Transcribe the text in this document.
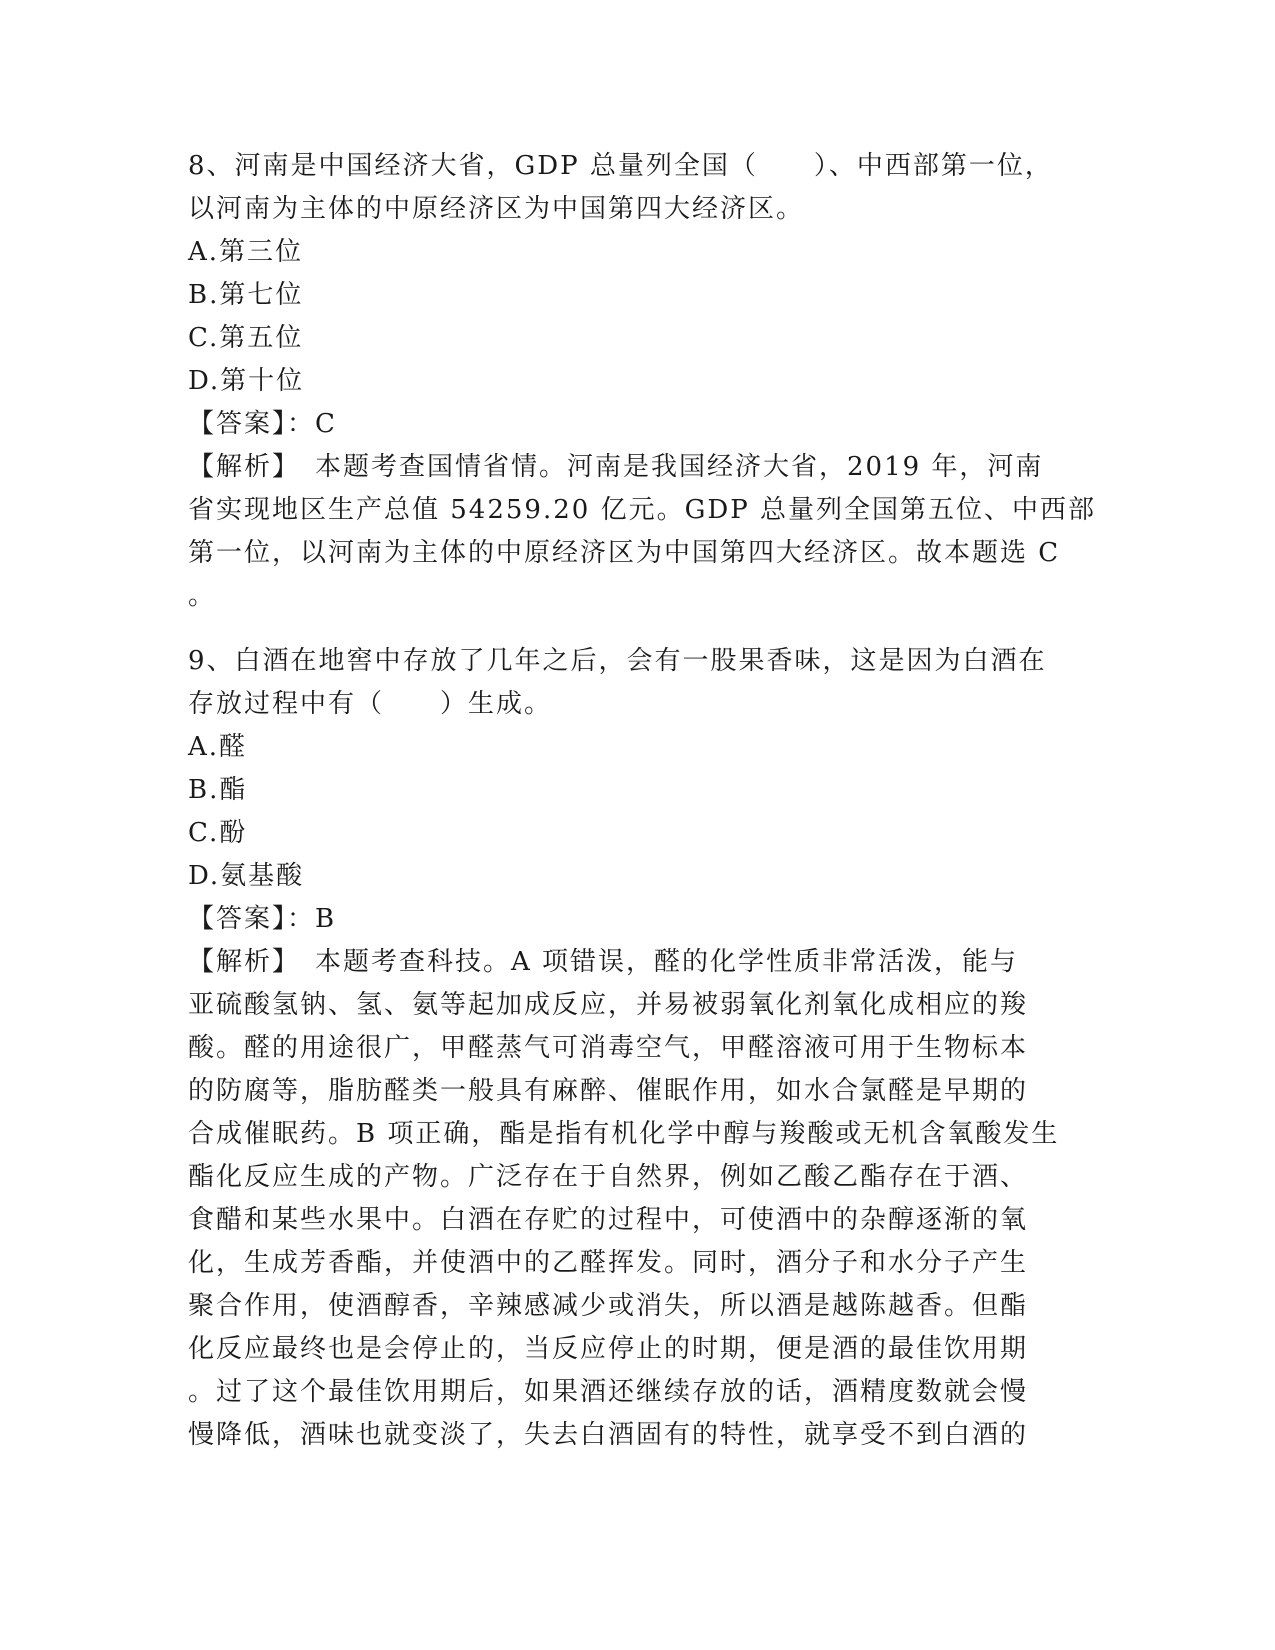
8、河南是中国经济大省，GDP 总量列全国（　　）、中西部第一位，
以河南为主体的中原经济区为中国第四大经济区。
A.第三位
B.第七位
C.第五位
D.第十位
【答案】：C
【解析】　本题考查国情省情。河南是我国经济大省，2019 年，河南
省实现地区生产总值 54259.20 亿元。GDP 总量列全国第五位、中西部
第一位，以河南为主体的中原经济区为中国第四大经济区。故本题选 C
。
9、白酒在地窖中存放了几年之后，会有一股果香味，这是因为白酒在
存放过程中有（　　）生成。
A.醛
B.酯
C.酚
D.氨基酸
【答案】：B
【解析】　本题考查科技。A 项错误，醛的化学性质非常活泼，能与
亚硫酸氢钠、氢、氨等起加成反应，并易被弱氧化剂氧化成相应的羧
酸。醛的用途很广，甲醛蒸气可消毒空气，甲醛溶液可用于生物标本
的防腐等，脂肪醛类一般具有麻醉、催眠作用，如水合氯醛是早期的
合成催眠药。B 项正确，酯是指有机化学中醇与羧酸或无机含氧酸发生
酯化反应生成的产物。广泛存在于自然界，例如乙酸乙酯存在于酒、
食醋和某些水果中。白酒在存贮的过程中，可使酒中的杂醇逐渐的氧
化，生成芳香酯，并使酒中的乙醛挥发。同时，酒分子和水分子产生
聚合作用，使酒醇香，辛辣感减少或消失，所以酒是越陈越香。但酯
化反应最终也是会停止的，当反应停止的时期，便是酒的最佳饮用期
。过了这个最佳饮用期后，如果酒还继续存放的话，酒精度数就会慢
慢降低，酒味也就变淡了，失去白酒固有的特性，就享受不到白酒的
